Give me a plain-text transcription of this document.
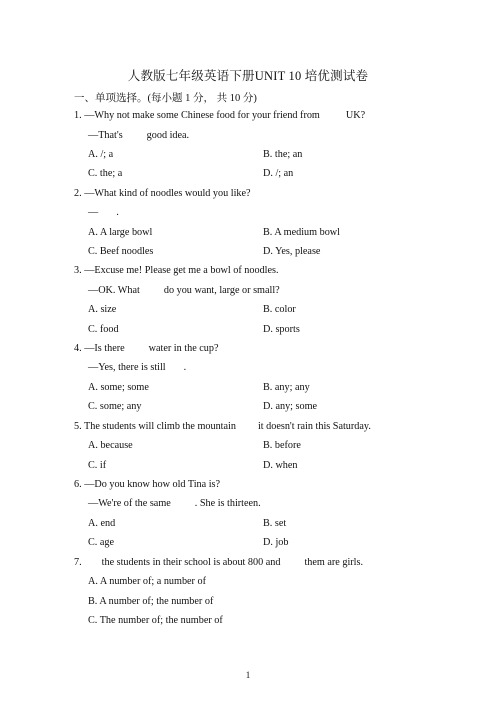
人教版七年级英语下册UNIT 10 培优测试卷
一、单项选择。(每小题 1 分， 共 10 分)
1. —Why not make some Chinese food for your friend from	UK?
—That's good idea.
A. /; a	B. the; an
C. the; a	D. /; an
2. —What kind of noodles would you like?
— .
A. A large bowl	B. A medium bowl
C. Beef noodles	D. Yes, please
3. —Excuse me! Please get me a bowl of noodles.
—OK. What do you want, large or small?
A. size	B. color
C. food	D. sports
4. —Is there water in the cup?
—Yes, there is still .
A. some; some	B. any; any
C. some; any	D. any; some
5. The students will climb the mountain it doesn't rain this Saturday.
A. because	B. before
C. if	D. when
6. —Do you know how old Tina is?
—We're of the same . She is thirteen.
A. end	B. set
C. age	D. job
7. the students in their school is about 800 and them are girls.
A. A number of; a number of
B. A number of; the number of
C. The number of; the number of
1
